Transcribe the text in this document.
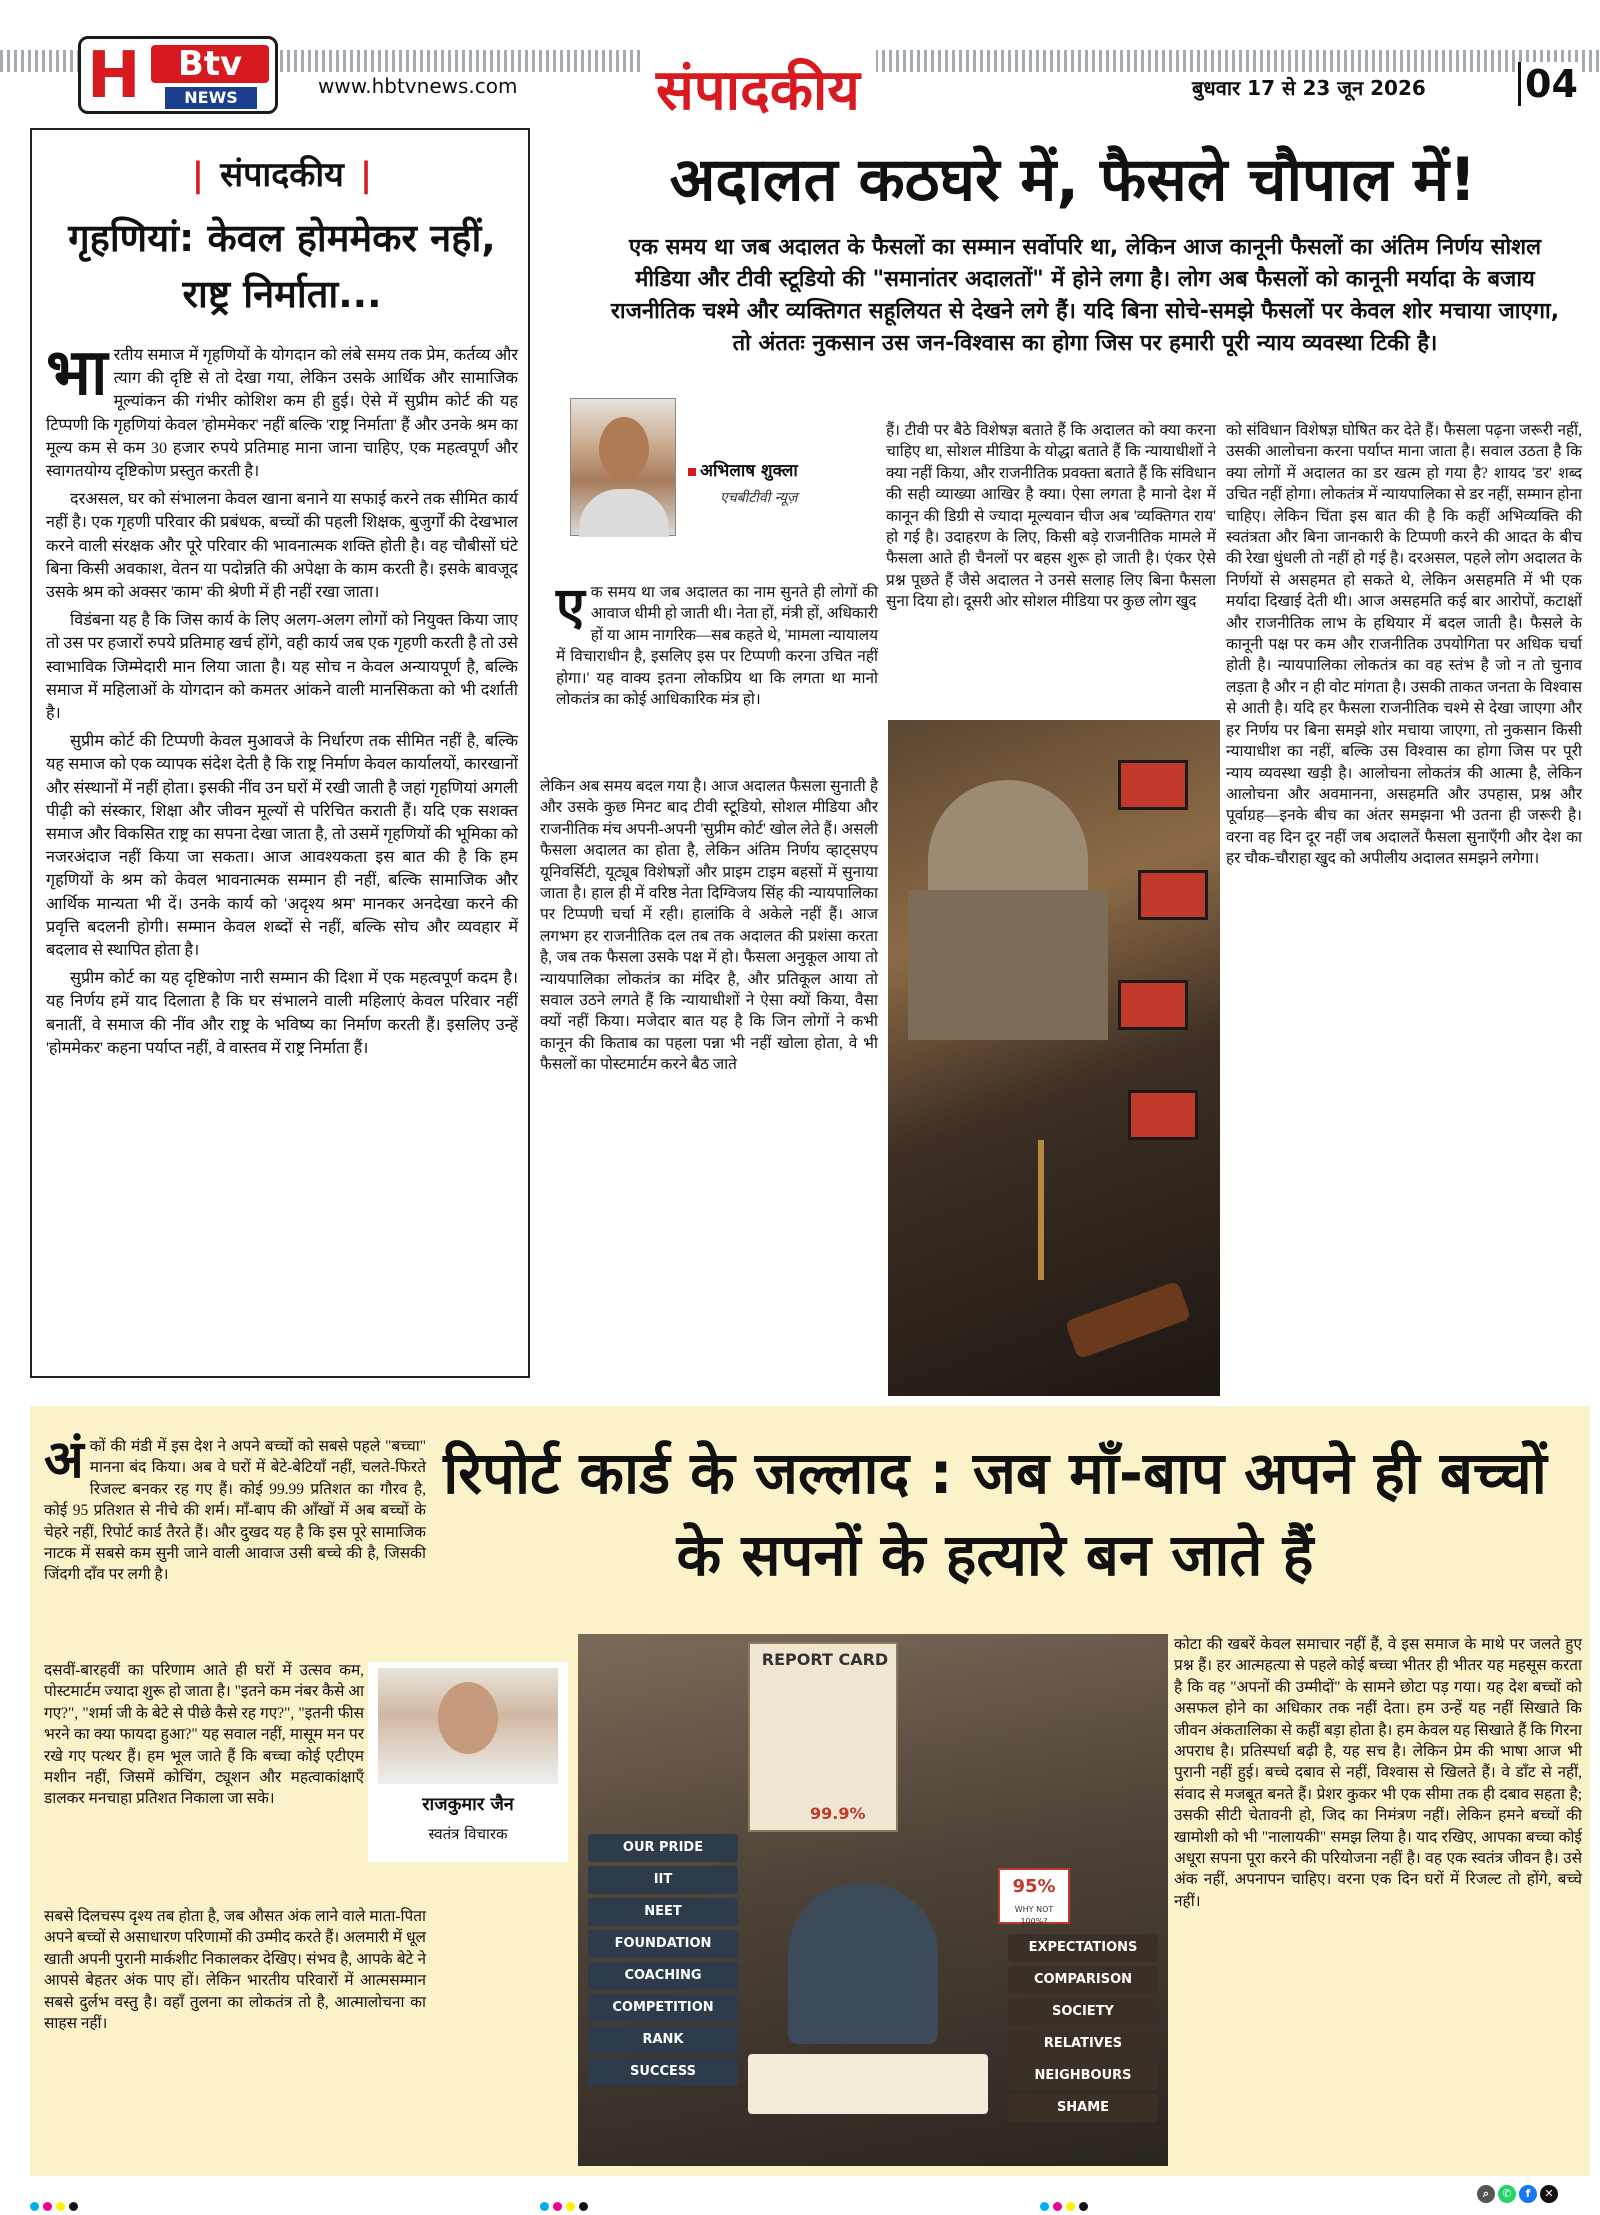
H	Btv
NEWS	www.hbtvnews.com संपादकीय	बुधवार 17 से 23 जून 2026	04
| संपादकीय |
गृहणियां: केवल होममेकर नहीं, राष्ट्र निर्माता...

भारतीय समाज में गृहणियों के योगदान को लंबे समय तक प्रेम, कर्तव्य और त्याग की दृष्टि से तो देखा गया, लेकिन उसके आर्थिक और सामाजिक मूल्यांकन की गंभीर कोशिश कम ही हुई। ऐसे में सुप्रीम कोर्ट की यह टिप्पणी कि गृहणियां केवल 'होममेकर' नहीं बल्कि 'राष्ट्र निर्माता' हैं और उनके श्रम का मूल्य कम से कम 30 हजार रुपये प्रतिमाह माना जाना चाहिए, एक महत्वपूर्ण और स्वागतयोग्य दृष्टिकोण प्रस्तुत करती है।

दरअसल, घर को संभालना केवल खाना बनाने या सफाई करने तक सीमित कार्य नहीं है। एक गृहणी परिवार की प्रबंधक, बच्चों की पहली शिक्षक, बुजुर्गों की देखभाल करने वाली संरक्षक और पूरे परिवार की भावनात्मक शक्ति होती है। वह चौबीसों घंटे बिना किसी अवकाश, वेतन या पदोन्नति की अपेक्षा के काम करती है। इसके बावजूद उसके श्रम को अक्सर 'काम' की श्रेणी में ही नहीं रखा जाता।

विडंबना यह है कि जिस कार्य के लिए अलग-अलग लोगों को नियुक्त किया जाए तो उस पर हजारों रुपये प्रतिमाह खर्च होंगे, वही कार्य जब एक गृहणी करती है तो उसे स्वाभाविक जिम्मेदारी मान लिया जाता है। यह सोच न केवल अन्यायपूर्ण है, बल्कि समाज में महिलाओं के योगदान को कमतर आंकने वाली मानसिकता को भी दर्शाती है।

सुप्रीम कोर्ट की टिप्पणी केवल मुआवजे के निर्धारण तक सीमित नहीं है, बल्कि यह समाज को एक व्यापक संदेश देती है कि राष्ट्र निर्माण केवल कार्यालयों, कारखानों और संस्थानों में नहीं होता। इसकी नींव उन घरों में रखी जाती है जहां गृहणियां अगली पीढ़ी को संस्कार, शिक्षा और जीवन मूल्यों से परिचित कराती हैं। यदि एक सशक्त समाज और विकसित राष्ट्र का सपना देखा जाता है, तो उसमें गृहणियों की भूमिका को नजरअंदाज नहीं किया जा सकता। आज आवश्यकता इस बात की है कि हम गृहणियों के श्रम को केवल भावनात्मक सम्मान ही नहीं, बल्कि सामाजिक और आर्थिक मान्यता भी दें। उनके कार्य को 'अदृश्य श्रम' मानकर अनदेखा करने की प्रवृत्ति बदलनी होगी। सम्मान केवल शब्दों से नहीं, बल्कि सोच और व्यवहार में बदलाव से स्थापित होता है।

सुप्रीम कोर्ट का यह दृष्टिकोण नारी सम्मान की दिशा में एक महत्वपूर्ण कदम है। यह निर्णय हमें याद दिलाता है कि घर संभालने वाली महिलाएं केवल परिवार नहीं बनातीं, वे समाज की नींव और राष्ट्र के भविष्य का निर्माण करती हैं। इसलिए उन्हें 'होममेकर' कहना पर्याप्त नहीं, वे वास्तव में राष्ट्र निर्माता हैं।

अदालत कठघरे में, फैसले चौपाल में!
एक समय था जब अदालत के फैसलों का सम्मान सर्वोपरि था, लेकिन आज कानूनी फैसलों का अंतिम निर्णय सोशल मीडिया और टीवी स्टूडियो की "समानांतर अदालतों" में होने लगा है। लोग अब फैसलों को कानूनी मर्यादा के बजाय राजनीतिक चश्मे और व्यक्तिगत सहूलियत से देखने लगे हैं। यदि बिना सोचे-समझे फैसलों पर केवल शोर मचाया जाएगा, तो अंततः नुकसान उस जन-विश्वास का होगा जिस पर हमारी पूरी न्याय व्यवस्था टिकी है।
अभिलाष शुक्ला
एचबीटीवी न्यूज़
एक समय था जब अदालत का नाम सुनते ही लोगों की आवाज धीमी हो जाती थी। नेता हों, मंत्री हों, अधिकारी हों या आम नागरिक—सब कहते थे, 'मामला न्यायालय में विचाराधीन है, इसलिए इस पर टिप्पणी करना उचित नहीं होगा।' यह वाक्य इतना लोकप्रिय था कि लगता था मानो लोकतंत्र का कोई आधिकारिक मंत्र हो।
लेकिन अब समय बदल गया है। आज अदालत फैसला सुनाती है और उसके कुछ मिनट बाद टीवी स्टूडियो, सोशल मीडिया और राजनीतिक मंच अपनी-अपनी 'सुप्रीम कोर्ट' खोल लेते हैं। असली फैसला अदालत का होता है, लेकिन अंतिम निर्णय व्हाट्सएप यूनिवर्सिटी, यूट्यूब विशेषज्ञों और प्राइम टाइम बहसों में सुनाया जाता है। हाल ही में वरिष्ठ नेता दिग्विजय सिंह की न्यायपालिका पर टिप्पणी चर्चा में रही। हालांकि वे अकेले नहीं हैं। आज लगभग हर राजनीतिक दल तब तक अदालत की प्रशंसा करता है, जब तक फैसला उसके पक्ष में हो। फैसला अनुकूल आया तो न्यायपालिका लोकतंत्र का मंदिर है, और प्रतिकूल आया तो सवाल उठने लगते हैं कि न्यायाधीशों ने ऐसा क्यों किया, वैसा क्यों नहीं किया। मजेदार बात यह है कि जिन लोगों ने कभी कानून की किताब का पहला पन्ना भी नहीं खोला होता, वे भी फैसलों का पोस्टमार्टम करने बैठ जाते
हैं। टीवी पर बैठे विशेषज्ञ बताते हैं कि अदालत को क्या करना चाहिए था, सोशल मीडिया के योद्धा बताते हैं कि न्यायाधीशों ने क्या नहीं किया, और राजनीतिक प्रवक्ता बताते हैं कि संविधान की सही व्याख्या आखिर है क्या। ऐसा लगता है मानो देश में कानून की डिग्री से ज्यादा मूल्यवान चीज अब 'व्यक्तिगत राय' हो गई है। उदाहरण के लिए, किसी बड़े राजनीतिक मामले में फैसला आते ही चैनलों पर बहस शुरू हो जाती है। एंकर ऐसे प्रश्न पूछते हैं जैसे अदालत ने उनसे सलाह लिए बिना फैसला सुना दिया हो। दूसरी ओर सोशल मीडिया पर कुछ लोग खुद
को संविधान विशेषज्ञ घोषित कर देते हैं। फैसला पढ़ना जरूरी नहीं, उसकी आलोचना करना पर्याप्त माना जाता है। सवाल उठता है कि क्या लोगों में अदालत का डर खत्म हो गया है? शायद 'डर' शब्द उचित नहीं होगा। लोकतंत्र में न्यायपालिका से डर नहीं, सम्मान होना चाहिए। लेकिन चिंता इस बात की है कि कहीं अभिव्यक्ति की स्वतंत्रता और बिना जानकारी के टिप्पणी करने की आदत के बीच की रेखा धुंधली तो नहीं हो गई है। दरअसल, पहले लोग अदालत के निर्णयों से असहमत हो सकते थे, लेकिन असहमति में भी एक मर्यादा दिखाई देती थी। आज असहमति कई बार आरोपों, कटाक्षों और राजनीतिक लाभ के हथियार में बदल जाती है। फैसले के कानूनी पक्ष पर कम और राजनीतिक उपयोगिता पर अधिक चर्चा होती है। न्यायपालिका लोकतंत्र का वह स्तंभ है जो न तो चुनाव लड़ता है और न ही वोट मांगता है। उसकी ताकत जनता के विश्वास से आती है। यदि हर फैसला राजनीतिक चश्मे से देखा जाएगा और हर निर्णय पर बिना समझे शोर मचाया जाएगा, तो नुकसान किसी न्यायाधीश का नहीं, बल्कि उस विश्वास का होगा जिस पर पूरी न्याय व्यवस्था खड़ी है। आलोचना लोकतंत्र की आत्मा है, लेकिन आलोचना और अवमानना, असहमति और उपहास, प्रश्न और पूर्वाग्रह—इनके बीच का अंतर समझना भी उतना ही जरूरी है। वरना वह दिन दूर नहीं जब अदालतें फैसला सुनाएँगी और देश का हर चौक-चौराहा खुद को अपीलीय अदालत समझने लगेगा।
रिपोर्ट कार्ड के जल्लाद : जब माँ-बाप अपने ही बच्चों के सपनों के हत्यारे बन जाते हैं
अंकों की मंडी में इस देश ने अपने बच्चों को सबसे पहले "बच्चा" मानना बंद किया। अब वे घरों में बेटे-बेटियाँ नहीं, चलते-फिरते रिजल्ट बनकर रह गए हैं। कोई 99.99 प्रतिशत का गौरव है, कोई 95 प्रतिशत से नीचे की शर्म। माँ-बाप की आँखों में अब बच्चों के चेहरे नहीं, रिपोर्ट कार्ड तैरते हैं। और दुखद यह है कि इस पूरे सामाजिक नाटक में सबसे कम सुनी जाने वाली आवाज उसी बच्चे की है, जिसकी जिंदगी दाँव पर लगी है।
दसवीं-बारहवीं का परिणाम आते ही घरों में उत्सव कम, पोस्टमार्टम ज्यादा शुरू हो जाता है। "इतने कम नंबर कैसे आ गए?", "शर्मा जी के बेटे से पीछे कैसे रह गए?", "इतनी फीस भरने का क्या फायदा हुआ?" यह सवाल नहीं, मासूम मन पर रखे गए पत्थर हैं। हम भूल जाते हैं कि बच्चा कोई एटीएम मशीन नहीं, जिसमें कोचिंग, ट्यूशन और महत्वाकांक्षाएँ डालकर मनचाहा प्रतिशत निकाला जा सके।
सबसे दिलचस्प दृश्य तब होता है, जब औसत अंक लाने वाले माता-पिता अपने बच्चों से असाधारण परिणामों की उम्मीद करते हैं। अलमारी में धूल खाती अपनी पुरानी मार्कशीट निकालकर देखिए। संभव है, आपके बेटे ने आपसे बेहतर अंक पाए हों। लेकिन भारतीय परिवारों में आत्मसम्मान सबसे दुर्लभ वस्तु है। वहाँ तुलना का लोकतंत्र तो है, आत्मालोचना का साहस नहीं।
कोटा की खबरें केवल समाचार नहीं हैं, वे इस समाज के माथे पर जलते हुए प्रश्न हैं। हर आत्महत्या से पहले कोई बच्चा भीतर ही भीतर यह महसूस करता है कि वह "अपनों की उम्मीदों" के सामने छोटा पड़ गया। यह देश बच्चों को असफल होने का अधिकार तक नहीं देता। हम उन्हें यह नहीं सिखाते कि जीवन अंकतालिका से कहीं बड़ा होता है। हम केवल यह सिखाते हैं कि गिरना अपराध है। प्रतिस्पर्धा बढ़ी है, यह सच है। लेकिन प्रेम की भाषा आज भी पुरानी नहीं हुई। बच्चे दबाव से नहीं, विश्वास से खिलते हैं। वे डाँट से नहीं, संवाद से मजबूत बनते हैं। प्रेशर कुकर भी एक सीमा तक ही दबाव सहता है; उसकी सीटी चेतावनी हो, जिद का निमंत्रण नहीं। लेकिन हमने बच्चों की खामोशी को भी "नालायकी" समझ लिया है। याद रखिए, आपका बच्चा कोई अधूरा सपना पूरा करने की परियोजना नहीं है। वह एक स्वतंत्र जीवन है। उसे अंक नहीं, अपनापन चाहिए। वरना एक दिन घरों में रिजल्ट तो होंगे, बच्चे नहीं।
राजकुमार जैन
स्वतंत्र विचारक
REPORT CARD
99.9%
95%
WHY NOT 100%?
OUR PRIDE
IIT
NEET
FOUNDATION
COACHING
COMPETITION
RANK
SUCCESS
EXPECTATIONS
COMPARISON
SOCIETY
RELATIVES
NEIGHBOURS
SHAME
⌕ ✆ f ✕
